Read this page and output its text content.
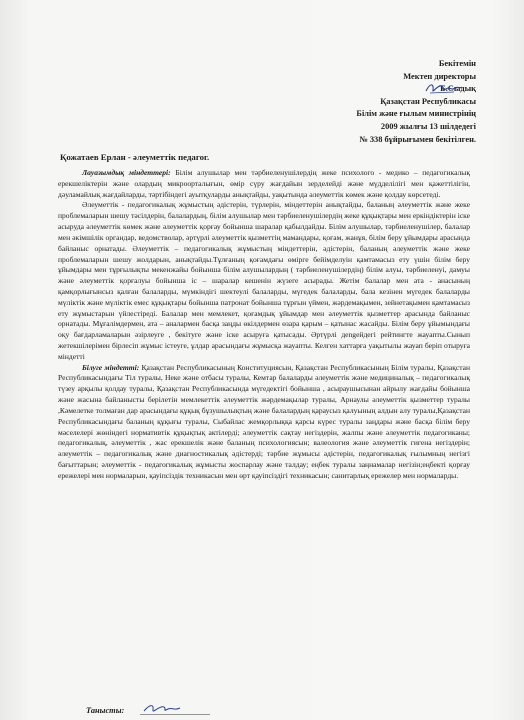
Бекітемін
Мектеп директоры
Б.Сыдық
Қазақстан Республикасы
Білім және ғылым министрінің
2009 жылғы 13 шілдедегі
№ 338 бұйрығымен бекітілген.
Қожатаев Ерлан - әлеуметтік педагог.

Лауазымдық міндеттері: Білім алушылар мен тәрбиеленушілердің жеке психолого - медико – педагогикалық ерекшеліктерін және олардың микроорталығын, өмір сүру жағдайын зерделейді және мүдделілігі мен қажеттілігін, дәуламайлық жағдайларды, тәртібіндегі ауытқуларды анықтайды, уақытында әлеуметтік көмек және қолдау көрсетеді.

Әлеуметтік - педагогикалық жұмыстың әдістерін, түрлерін, міндеттерін анықтайды, баланың әлеуметтік және жеке проблемаларын шешу тәсілдерін, балалардың, білім алушылар мен тәрбиеленушілердің жеке құқықтары мен еркіндіктерін іске асыруда әлеуметтік көмек және әлеуметтік қорғау бойынша шаралар қабылдайды. Білім алушылар, тәрбиеленушілер, балалар мен әкімшілік органдар, ведомстволар, әртүрлі әлеуметтік қызметтің мамандары, қоғам, жанұя, білім беру ұйымдары арасында байланыс орнатады. Әлеуметтік – педагогикалық жұмыстың міндеттерін, әдістерін, баланың әлеуметтік және жеке проблемаларын шешу жолдарын, анықтайды.Тұлғаның қоғамдағы өмірге бейімделуін қамтамасыз ету үшін білім беру ұйымдары мен тұрғылықты мекенжайы бойынша білім алушылардың ( тәрбиеленушілердің) білім алуы, тәрбиеленуі, дамуы және әлеуметтік қорғалуы бойынша іс – шаралар кешенін жүзеге асырады. Жетім балалар мен ата - анасының қамқорлығынсыз қалған балаларды, мүмкіндігі шектеулі балаларды, мүгедек балаларды, бала кезінен мүгедек балаларды мүліктік және мүліктік емес құқықтары бойынша патронат бойынша тұрғын үймен, жәрдемақымен, зейнетақымен қамтамасыз ету жұмыстарын үйлестіреді. Балалар мен мемлекет, қоғамдық ұйымдар мен әлеуметтік қызметтер арасында байланыс орнатады. Мұғалімдермен, ата – аналармен басқа заңды өкілдермен өзара қарым – қатынас жасайды. Білім беру ұйымындағы оқу бағдарламаларын әзірлеуге , бекітуге және іске асыруға қатысады. Әртүрлі дengейдегі рейтингте жауапты.Сынып жетекшілерімен бірлесіп жұмыс істеуге, ұлдар арасындағы жұмысқа жауапты. Келген хаттарға уақытылы жауап беріп отыруға міндетті

Білуге міндетті: Қазақстан Республикасының Конституциясын, Қазақстан Республикасының Білім туралы, Қазақстан Республикасындағы Тіл туралы, Неке және отбасы туралы, Кемтар балаларды әлеуметтік және медициналық – педагогикалық түзеу арқылы қолдау туралы, Қазақстан Республикасында мүгедектігі бойынша , асыраушысынан айрылу жағдайы бойынша және жасына байланысты берілетін мемлекеттік әлеуметтік жәрдемақылар туралы, Арнаулы әлеуметтік қызметтер туралы ,Кәмелетке толмаған дар арасындағы құқық бұзушылықтың және балалардың қараусыз қалуының алдын алу туралы,Қазақстан Республикасындағы баланың құқығы туралы, Сыбайлас жемқорлыққа қарсы күрес туралы заңдары және басқа білім беру мәселелері жөніндегі нормативтік құқықтық актілерді; әлеуметтік сақтау негіздерін, жалпы және әлеуметтік педагогиканы; педагогикалық, әлеуметтік , жас ерекшелік және баланың психологиясын; валеология және әлеуметтік гигена негіздерін; әлеуметтік – педагогикалық және диагностикалық әдістерді; тәрбие жұмысы әдістерін, педагогикалық ғылымның негізгі бағыттарын; әлеуметтік - педагогикалық жұмысты жоспарлау және талдау; еңбек туралы заңнамалар негізін;еңбекті қорғау ережелері мен нормаларын, қауіпсіздік техникасын мен өрт қауіпсіздігі техникасын; санитарлық ережелер мен нормаларды.

Танысты:
